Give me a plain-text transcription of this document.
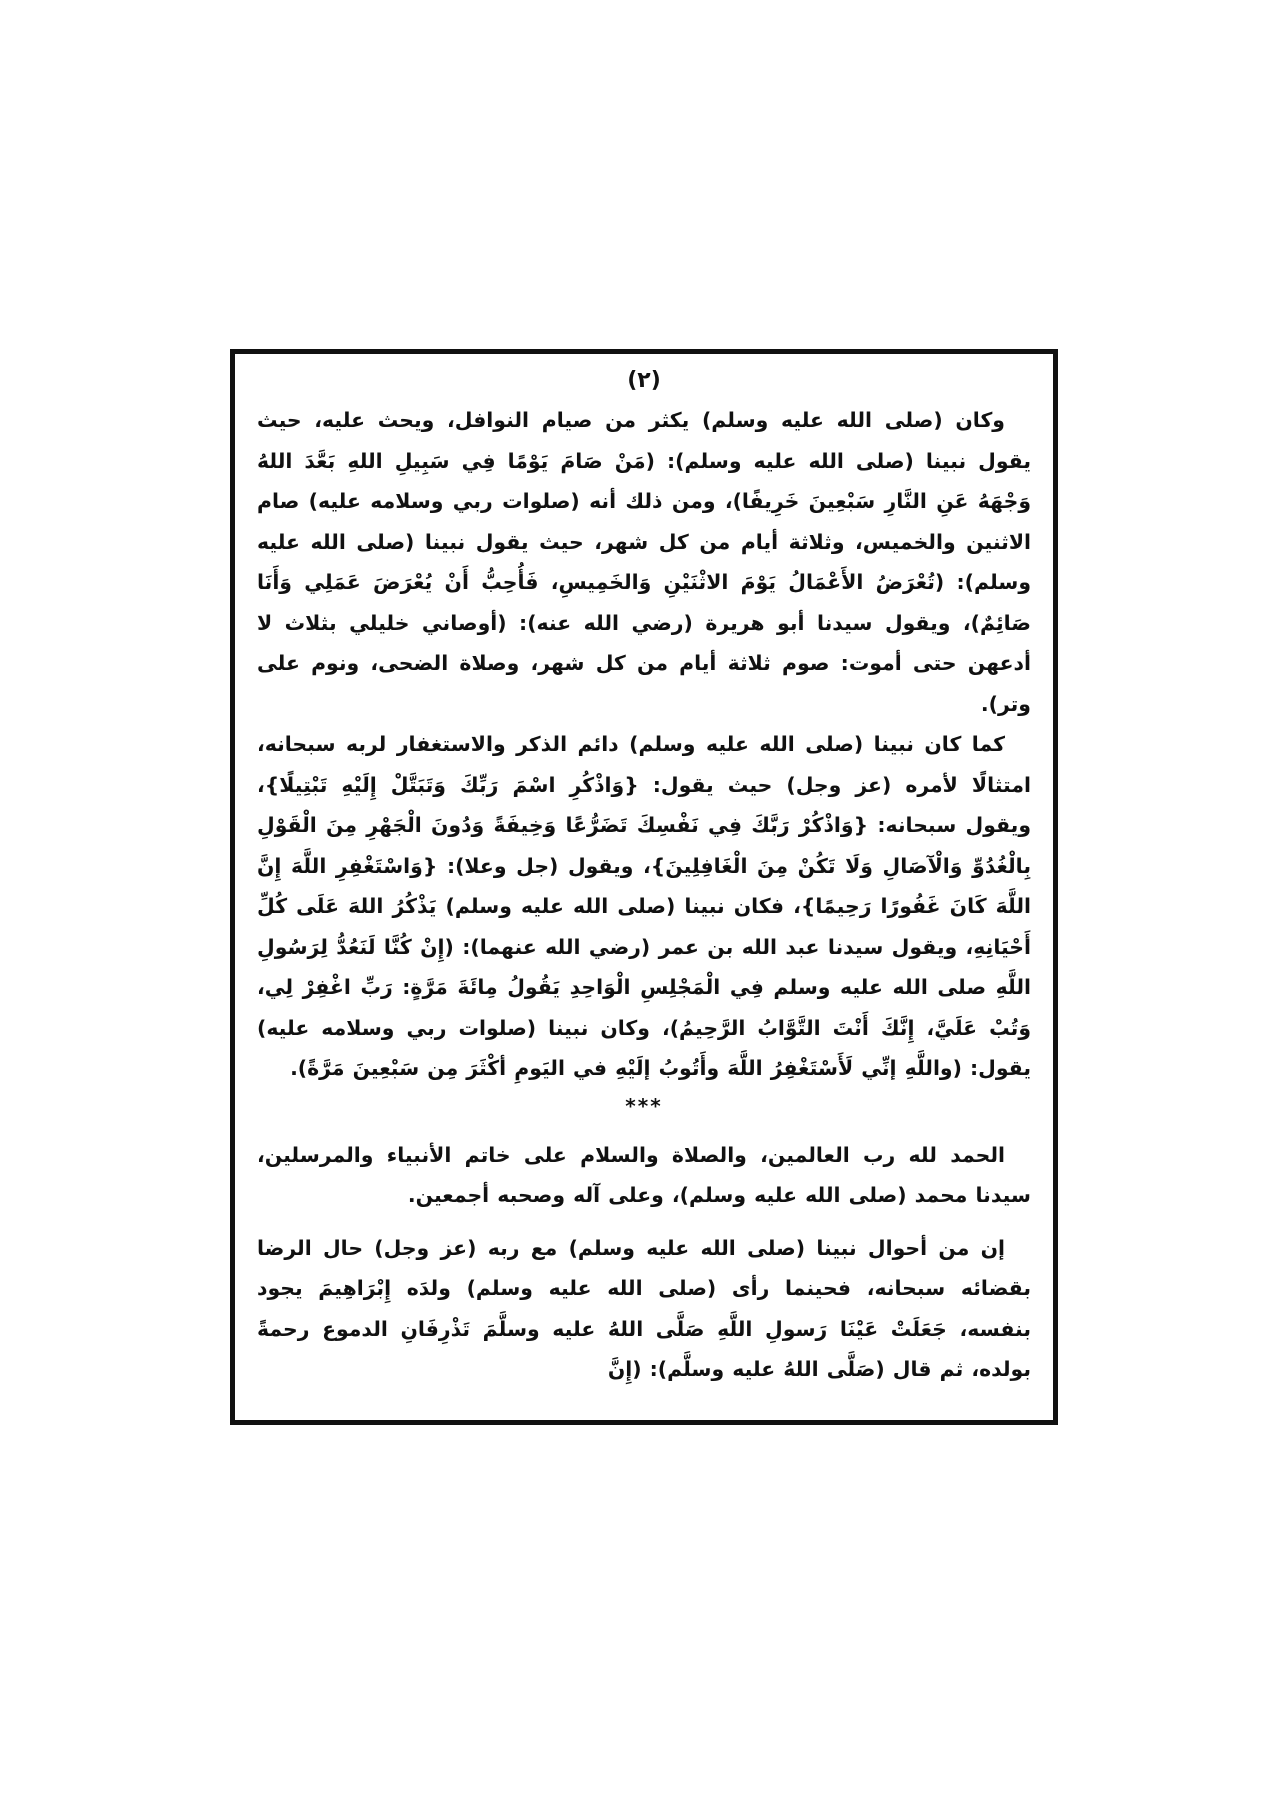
(٢)

وكان (صلى الله عليه وسلم) يكثر من صيام النوافل، ويحث عليه، حيث يقول نبينا (صلى الله عليه وسلم): (مَنْ صَامَ يَوْمًا فِي سَبِيلِ اللهِ بَعَّدَ اللهُ وَجْهَهُ عَنِ النَّارِ سَبْعِينَ خَرِيفًا)، ومن ذلك أنه (صلوات ربي وسلامه عليه) صام الاثنين والخميس، وثلاثة أيام من كل شهر، حيث يقول نبينا (صلى الله عليه وسلم): (تُعْرَضُ الأَعْمَالُ يَوْمَ الاثْنَيْنِ وَالخَمِيسِ، فَأُحِبُّ أَنْ يُعْرَضَ عَمَلِي وَأَنَا صَائِمٌ)، ويقول سيدنا أبو هريرة (رضي الله عنه): (أوصاني خليلي بثلاث لا أدعهن حتى أموت: صوم ثلاثة أيام من كل شهر، وصلاة الضحى، ونوم على وتر).

كما كان نبينا (صلى الله عليه وسلم) دائم الذكر والاستغفار لربه سبحانه، امتثالًا لأمره (عز وجل) حيث يقول: {وَاذْكُرِ اسْمَ رَبِّكَ وَتَبَتَّلْ إِلَيْهِ تَبْتِيلًا}، ويقول سبحانه: {وَاذْكُرْ رَبَّكَ فِي نَفْسِكَ تَضَرُّعًا وَخِيفَةً وَدُونَ الْجَهْرِ مِنَ الْقَوْلِ بِالْغُدُوِّ وَالْآصَالِ وَلَا تَكُنْ مِنَ الْغَافِلِينَ}، ويقول (جل وعلا): {وَاسْتَغْفِرِ اللَّهَ إِنَّ اللَّهَ كَانَ غَفُورًا رَحِيمًا}، فكان نبينا (صلى الله عليه وسلم) يَذْكُرُ اللهَ عَلَى كُلِّ أَحْيَانِهِ، ويقول سيدنا عبد الله بن عمر (رضي الله عنهما): (إِنْ كُنَّا لَنَعُدُّ لِرَسُولِ اللَّهِ صلى الله عليه وسلم فِي الْمَجْلِسِ الْوَاحِدِ يَقُولُ مِائَةَ مَرَّةٍ: رَبِّ اغْفِرْ لِي، وَتُبْ عَلَيَّ، إِنَّكَ أَنْتَ التَّوَّابُ الرَّحِيمُ)، وكان نبينا (صلوات ربي وسلامه عليه) يقول: (واللَّهِ إنِّي لَأَسْتَغْفِرُ اللَّهَ وأَتُوبُ إلَيْهِ في اليَومِ أكْثَرَ مِن سَبْعِينَ مَرَّةً).

***

الحمد لله رب العالمين، والصلاة والسلام على خاتم الأنبياء والمرسلين، سيدنا محمد (صلى الله عليه وسلم)، وعلى آله وصحبه أجمعين.

إن من أحوال نبينا (صلى الله عليه وسلم) مع ربه (عز وجل) حال الرضا بقضائه سبحانه، فحينما رأى (صلى الله عليه وسلم) ولدَه إِبْرَاهِيمَ يجود بنفسه، جَعَلَتْ عَيْنَا رَسولِ اللَّهِ صَلَّى اللهُ عليه وسلَّمَ تَذْرِفَانِ الدموع رحمةً بولده، ثم قال (صَلَّى اللهُ عليه وسلَّم): (إِنَّ
